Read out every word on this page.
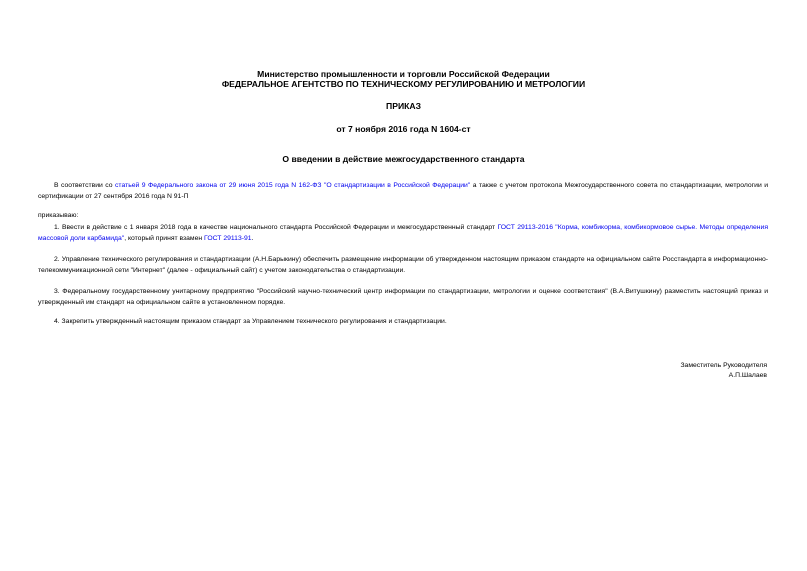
Министерство промышленности и торговли Российской Федерации
ФЕДЕРАЛЬНОЕ АГЕНТСТВО ПО ТЕХНИЧЕСКОМУ РЕГУЛИРОВАНИЮ И МЕТРОЛОГИИ
ПРИКАЗ
от 7 ноября 2016 года N 1604-ст
О введении в действие межгосударственного стандарта
В соответствии со статьей 9 Федерального закона от 29 июня 2015 года N 162-ФЗ "О стандартизации в Российской Федерации" а также с учетом протокола Межгосударственного совета по стандартизации, метрологии и сертификации от 27 сентября 2016 года N 91-П
приказываю:
1. Ввести в действие с 1 января 2018 года в качестве национального стандарта Российской Федерации и межгосударственный стандарт ГОСТ 29113-2016 "Корма, комбикорма, комбикормовое сырье. Методы определения массовой доли карбамида", который принят взамен ГОСТ 29113-91.
2. Управление технического регулирования и стандартизации (А.Н.Барыкину) обеспечить размещение информации об утвержденном настоящим приказом стандарте на официальном сайте Росстандарта в информационно-телекоммуникационной сети "Интернет" (далее - официальный сайт) с учетом законодательства о стандартизации.
3. Федеральному государственному унитарному предприятию "Российский научно-технический центр информации по стандартизации, метрологии и оценке соответствия" (В.А.Витушкину) разместить настоящий приказ и утвержденный им стандарт на официальном сайте в установленном порядке.
4. Закрепить утвержденный настоящим приказом стандарт за Управлением технического регулирования и стандартизации.
Заместитель Руководителя
А.П.Шалаев
